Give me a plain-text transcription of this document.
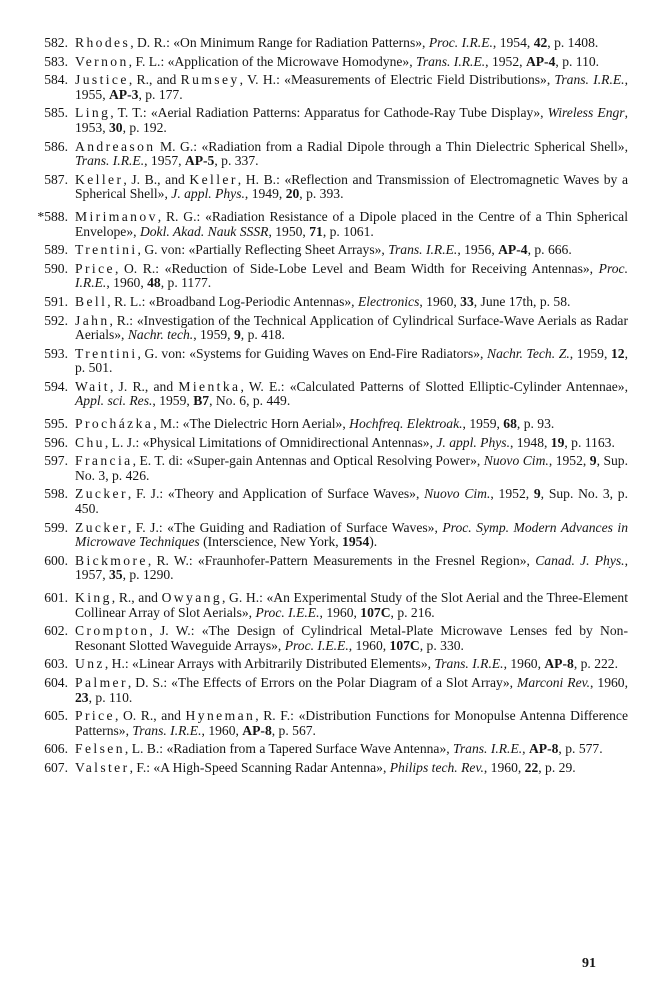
582. Rhodes, D. R.: «On Minimum Range for Radiation Patterns», Proc. I.R.E., 1954, 42, p. 1408.
583. Vernon, F. L.: «Application of the Microwave Homodyne», Trans. I.R.E., 1952, AP-4, p. 110.
584. Justice, R., and Rumsey, V. H.: «Measurements of Electric Field Distributions», Trans. I.R.E., 1955, AP-3, p. 177.
585. Ling, T. T.: «Aerial Radiation Patterns: Apparatus for Cathode-Ray Tube Display», Wireless Engr, 1953, 30, p. 192.
586. Andreason M. G.: «Radiation from a Radial Dipole through a Thin Dielectric Spherical Shell», Trans. I.R.E., 1957, AP-5, p. 337.
587. Keller, J. B., and Keller, H. B.: «Reflection and Transmission of Electromagnetic Waves by a Spherical Shell», J. appl. Phys., 1949, 20, p. 393.
*588. Mirimanov, R. G.: «Radiation Resistance of a Dipole placed in the Centre of a Thin Spherical Envelope», Dokl. Akad. Nauk SSSR, 1950, 71, p. 1061.
589. Trentini, G. von: «Partially Reflecting Sheet Arrays», Trans. I.R.E., 1956, AP-4, p. 666.
590. Price, O. R.: «Reduction of Side-Lobe Level and Beam Width for Receiving Antennas», Proc. I.R.E., 1960, 48, p. 1177.
591. Bell, R. L.: «Broadband Log-Periodic Antennas», Electronics, 1960, 33, June 17th, p. 58.
592. Jahn, R.: «Investigation of the Technical Application of Cylindrical Surface-Wave Aerials as Radar Aerials», Nachr. tech., 1959, 9, p. 418.
593. Trentini, G. von: «Systems for Guiding Waves on End-Fire Radiators», Nachr. Tech. Z., 1959, 12, p. 501.
594. Wait, J. R., and Mientka, W. E.: «Calculated Patterns of Slotted Elliptic-Cylinder Antennae», Appl. sci. Res., 1959, B7, No. 6, p. 449.
595. Procházka, M.: «The Dielectric Horn Aerial», Hochfreq. Elektroak., 1959, 68, p. 93.
596. Chu, L. J.: «Physical Limitations of Omnidirectional Antennas», J. appl. Phys., 1948, 19, p. 1163.
597. Francia, E. T. di: «Super-gain Antennas and Optical Resolving Power», Nuovo Cim., 1952, 9, Sup. No. 3, p. 426.
598. Zucker, F. J.: «Theory and Application of Surface Waves», Nuovo Cim., 1952, 9, Sup. No. 3, p. 450.
599. Zucker, F. J.: «The Guiding and Radiation of Surface Waves», Proc. Symp. Modern Advances in Microwave Techniques (Interscience, New York, 1954).
600. Bickmore, R. W.: «Fraunhofer-Pattern Measurements in the Fresnel Region», Canad. J. Phys., 1957, 35, p. 1290.
601. King, R., and Owyang, G. H.: «An Experimental Study of the Slot Aerial and the Three-Element Collinear Array of Slot Aerials», Proc. I.E.E., 1960, 107C, p. 216.
602. Crompton, J. W.: «The Design of Cylindrical Metal-Plate Microwave Lenses fed by Non-Resonant Slotted Waveguide Arrays», Proc. I.E.E., 1960, 107C, p. 330.
603. Unz, H.: «Linear Arrays with Arbitrarily Distributed Elements», Trans. I.R.E., 1960, AP-8, p. 222.
604. Palmer, D. S.: «The Effects of Errors on the Polar Diagram of a Slot Array», Marconi Rev., 1960, 23, p. 110.
605. Price, O. R., and Hyneman, R. F.: «Distribution Functions for Monopulse Antenna Difference Patterns», Trans. I.R.E., 1960, AP-8, p. 567.
606. Felsen, L. B.: «Radiation from a Tapered Surface Wave Antenna», Trans. I.R.E., AP-8, p. 577.
607. Valster, F.: «A High-Speed Scanning Radar Antenna», Philips tech. Rev., 1960, 22, p. 29.
91
